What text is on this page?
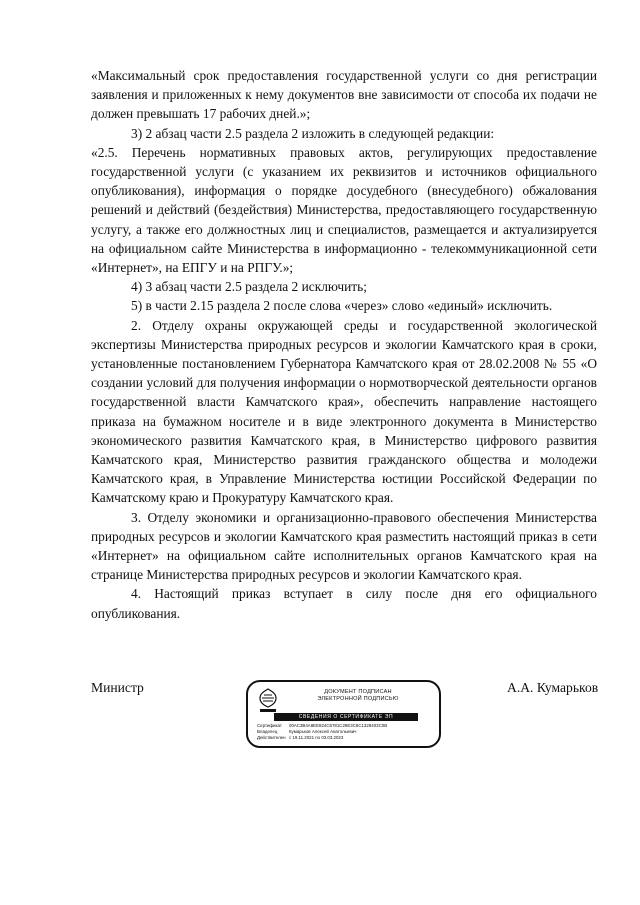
«Максимальный срок предоставления государственной услуги со дня регистрации заявления и приложенных к нему документов вне зависимости от способа их подачи не должен превышать 17 рабочих дней.»;

3) 2 абзац части 2.5 раздела 2 изложить в следующей редакции:

«2.5. Перечень нормативных правовых актов, регулирующих предоставление государственной услуги (с указанием их реквизитов и источников официального опубликования), информация о порядке досудебного (внесудебного) обжалования решений и действий (бездействия) Министерства, предоставляющего государственную услугу, а также его должностных лиц и специалистов, размещается и актуализируется на официальном сайте Министерства в информационно - телекоммуникационной сети «Интернет», на ЕПГУ и на РПГУ.»;

4) 3 абзац части 2.5 раздела 2 исключить;

5) в части 2.15 раздела 2 после слова «через» слово «единый» исключить.

2. Отделу охраны окружающей среды и государственной экологической экспертизы Министерства природных ресурсов и экологии Камчатского края в сроки, установленные постановлением Губернатора Камчатского края от 28.02.2008 № 55 «О создании условий для получения информации о нормотворческой деятельности органов государственной власти Камчатского края», обеспечить направление настоящего приказа на бумажном носителе и в виде электронного документа в Министерство экономического развития Камчатского края, в Министерство цифрового развития Камчатского края, Министерство развития гражданского общества и молодежи Камчатского края, в Управление Министерства юстиции Российской Федерации по Камчатскому краю и Прокуратуру Камчатского края.

3. Отделу экономики и организационно-правового обеспечения Министерства природных ресурсов и экологии Камчатского края разместить настоящий приказ в сети «Интернет» на официальном сайте исполнительных органов Камчатского края на странице Министерства природных ресурсов и экологии Камчатского края.

4. Настоящий приказ вступает в силу после дня его официального опубликования.

Министр	ДОКУМЕНТ ПОДПИСАН
ЭЛЕКТРОННОЙ ПОДПИСЬЮ
СВЕДЕНИЯ О СЕРТИФИКАТЕ ЭП
Сертификат	00AC3B4A8EE824C6781C29E3C8C1328403C0B
Владелец	Кумарьков Алексей Анатольевич
Действителен с 19.11.2021 по 03.03.2023
А.А. Кумарьков
